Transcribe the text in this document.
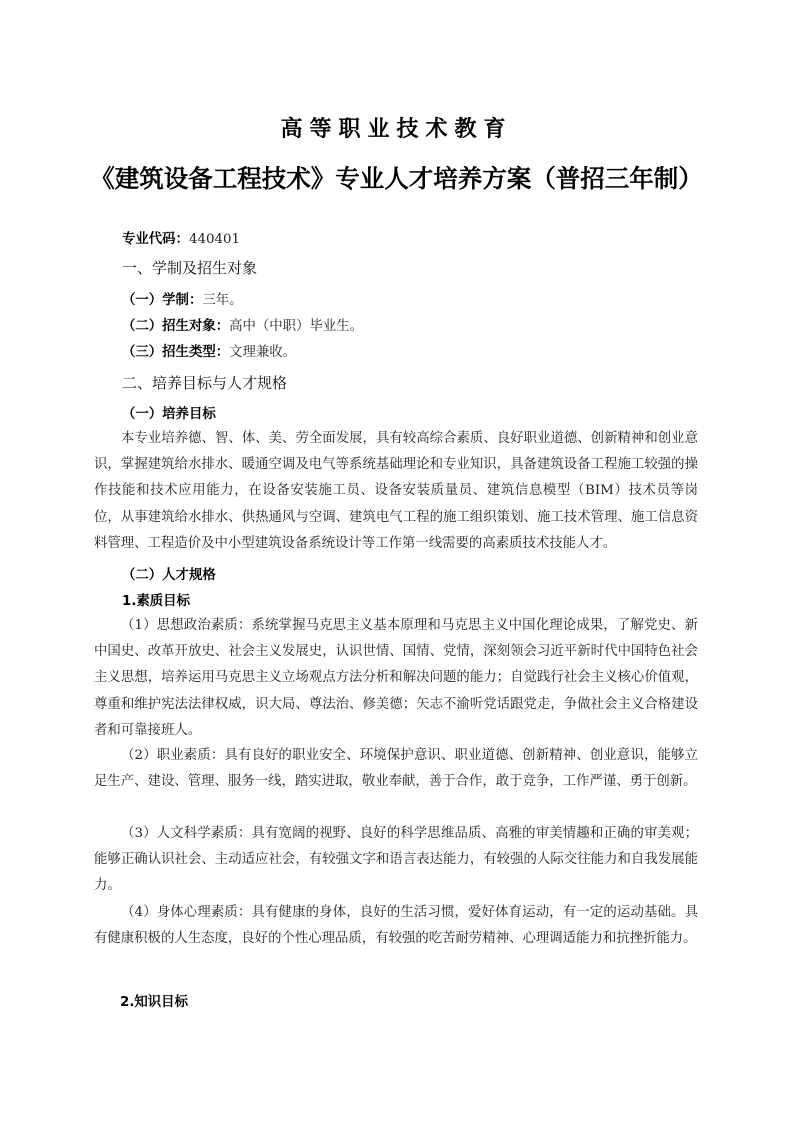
高等职业技术教育
《建筑设备工程技术》专业人才培养方案（普招三年制）
专业代码：440401
一、学制及招生对象
（一）学制：三年。
（二）招生对象：高中（中职）毕业生。
（三）招生类型：文理兼收。
二、培养目标与人才规格
（一）培养目标
本专业培养德、智、体、美、劳全面发展，具有较高综合素质、良好职业道德、创新精神和创业意识，掌握建筑给水排水、暖通空调及电气等系统基础理论和专业知识，具备建筑设备工程施工较强的操作技能和技术应用能力，在设备安装施工员、设备安装质量员、建筑信息模型（BIM）技术员等岗位，从事建筑给水排水、供热通风与空调、建筑电气工程的施工组织策划、施工技术管理、施工信息资料管理、工程造价及中小型建筑设备系统设计等工作第一线需要的高素质技术技能人才。
（二）人才规格
1.素质目标
（1）思想政治素质：系统掌握马克思主义基本原理和马克思主义中国化理论成果，了解党史、新中国史、改革开放史、社会主义发展史，认识世情、国情、党情，深刻领会习近平新时代中国特色社会主义思想，培养运用马克思主义立场观点方法分析和解决问题的能力；自觉践行社会主义核心价值观，尊重和维护宪法法律权威，识大局、尊法治、修美德；矢志不渝听党话跟党走，争做社会主义合格建设者和可靠接班人。
（2）职业素质：具有良好的职业安全、环境保护意识、职业道德、创新精神、创业意识，能够立足生产、建设、管理、服务一线，踏实进取，敬业奉献，善于合作，敢于竞争，工作严谨、勇于创新。
（3）人文科学素质：具有宽阔的视野、良好的科学思维品质、高雅的审美情趣和正确的审美观；能够正确认识社会、主动适应社会，有较强文字和语言表达能力，有较强的人际交往能力和自我发展能力。
（4）身体心理素质：具有健康的身体，良好的生活习惯，爱好体育运动，有一定的运动基础。具有健康积极的人生态度，良好的个性心理品质，有较强的吃苦耐劳精神、心理调适能力和抗挫折能力。
2.知识目标
